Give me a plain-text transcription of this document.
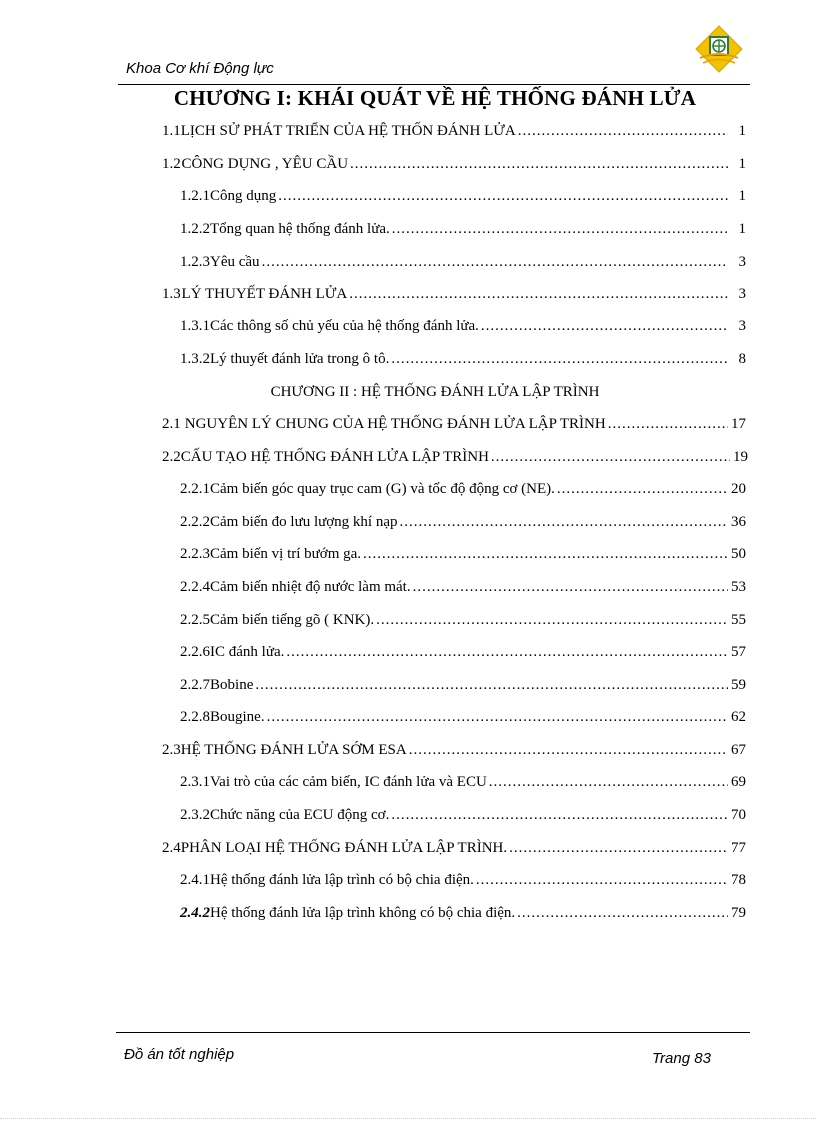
Khoa Cơ khí Động lực
CHƯƠNG I: KHÁI QUÁT VỀ HỆ THỐNG ĐÁNH LỬA
1.1 LỊCH SỬ PHÁT TRIỂN CỦA HỆ THỐN ĐÁNH LỬA .....	1
1.2 CÔNG DỤNG , YÊU CẦU .....	1
1.2.1 Công dụng .....	1
1.2.2 Tổng quan hệ thống đánh lửa. .....	1
1.2.3 Yêu cầu .....	3
1.3 LÝ THUYẾT ĐÁNH LỬA .....	3
1.3.1 Các thông số chủ yếu của hệ thống đánh lửa. .....	3
1.3.2 Lý thuyết đánh lửa trong ô tô. .....	8
CHƯƠNG II : HỆ THỐNG ĐÁNH LỬA LẬP TRÌNH
2.1 NGUYÊN LÝ CHUNG CỦA HỆ THỐNG ĐÁNH LỬA LẬP TRÌNH .....	17
2.2 CẤU TẠO HỆ THỐNG ĐÁNH LỬA LẬP TRÌNH .....	19
2.2.1 Cảm biến góc quay trục cam (G) và tốc độ động cơ (NE). .....	20
2.2.2 Cảm biến đo lưu lượng khí nạp .....	36
2.2.3 Cảm biến vị trí bướm ga. .....	50
2.2.4 Cảm biến nhiệt độ nước làm mát. .....	53
2.2.5 Cảm biến tiếng gõ ( KNK). .....	55
2.2.6 IC đánh lửa. .....	57
2.2.7 Bobine .....	59
2.2.8 Bougine. .....	62
2.3 HỆ THỐNG ĐÁNH LỬA SỚM ESA .....	67
2.3.1 Vai trò của các cảm biến, IC đánh lửa và ECU .....	69
2.3.2 Chức năng của ECU động cơ. .....	70
2.4 PHÂN LOẠI HỆ THỐNG ĐÁNH LỬA LẬP TRÌNH. .....	77
2.4.1 Hệ thống đánh lửa lập trình có bộ chia điện. .....	78
2.4.2 Hệ thống đánh lửa lập trình không có bộ chia điện. .....	79
Đồ án tốt nghiệp	Trang 83
